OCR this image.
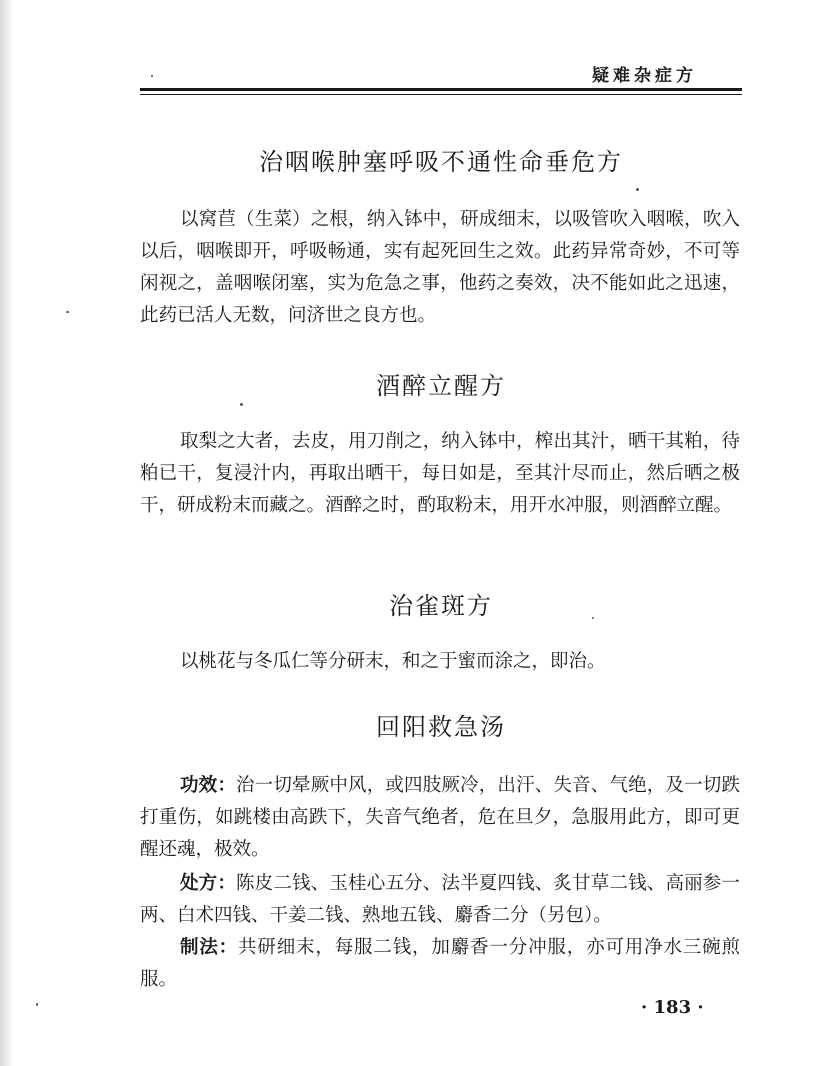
疑难杂症方
治咽喉肿塞呼吸不通性命垂危方

以窝苣（生菜）之根，纳入钵中，研成细末，以吸管吹入咽喉，吹入以后，咽喉即开，呼吸畅通，实有起死回生之效。此药异常奇妙，不可等闲视之，盖咽喉闭塞，实为危急之事，他药之奏效，决不能如此之迅速，此药已活人无数，问济世之良方也。

酒醉立醒方

取梨之大者，去皮，用刀削之，纳入钵中，榨出其汁，晒干其粕，待粕已干，复浸汁内，再取出晒干，每日如是，至其汁尽而止，然后晒之极干，研成粉末而藏之。酒醉之时，酌取粉末，用开水冲服，则酒醉立醒。

治雀斑方

以桃花与冬瓜仁等分研末，和之于蜜而涂之，即治。

回阳救急汤

功效：治一切晕厥中风，或四肢厥冷，出汗、失音、气绝，及一切跌打重伤，如跳楼由高跌下，失音气绝者，危在旦夕，急服用此方，即可更醒还魂，极效。

处方：陈皮二钱、玉桂心五分、法半夏四钱、炙甘草二钱、高丽参一两、白术四钱、干姜二钱、熟地五钱、麝香二分（另包）。

制法：共研细末，每服二钱，加麝香一分冲服，亦可用净水三碗煎服。

· 183 ·
